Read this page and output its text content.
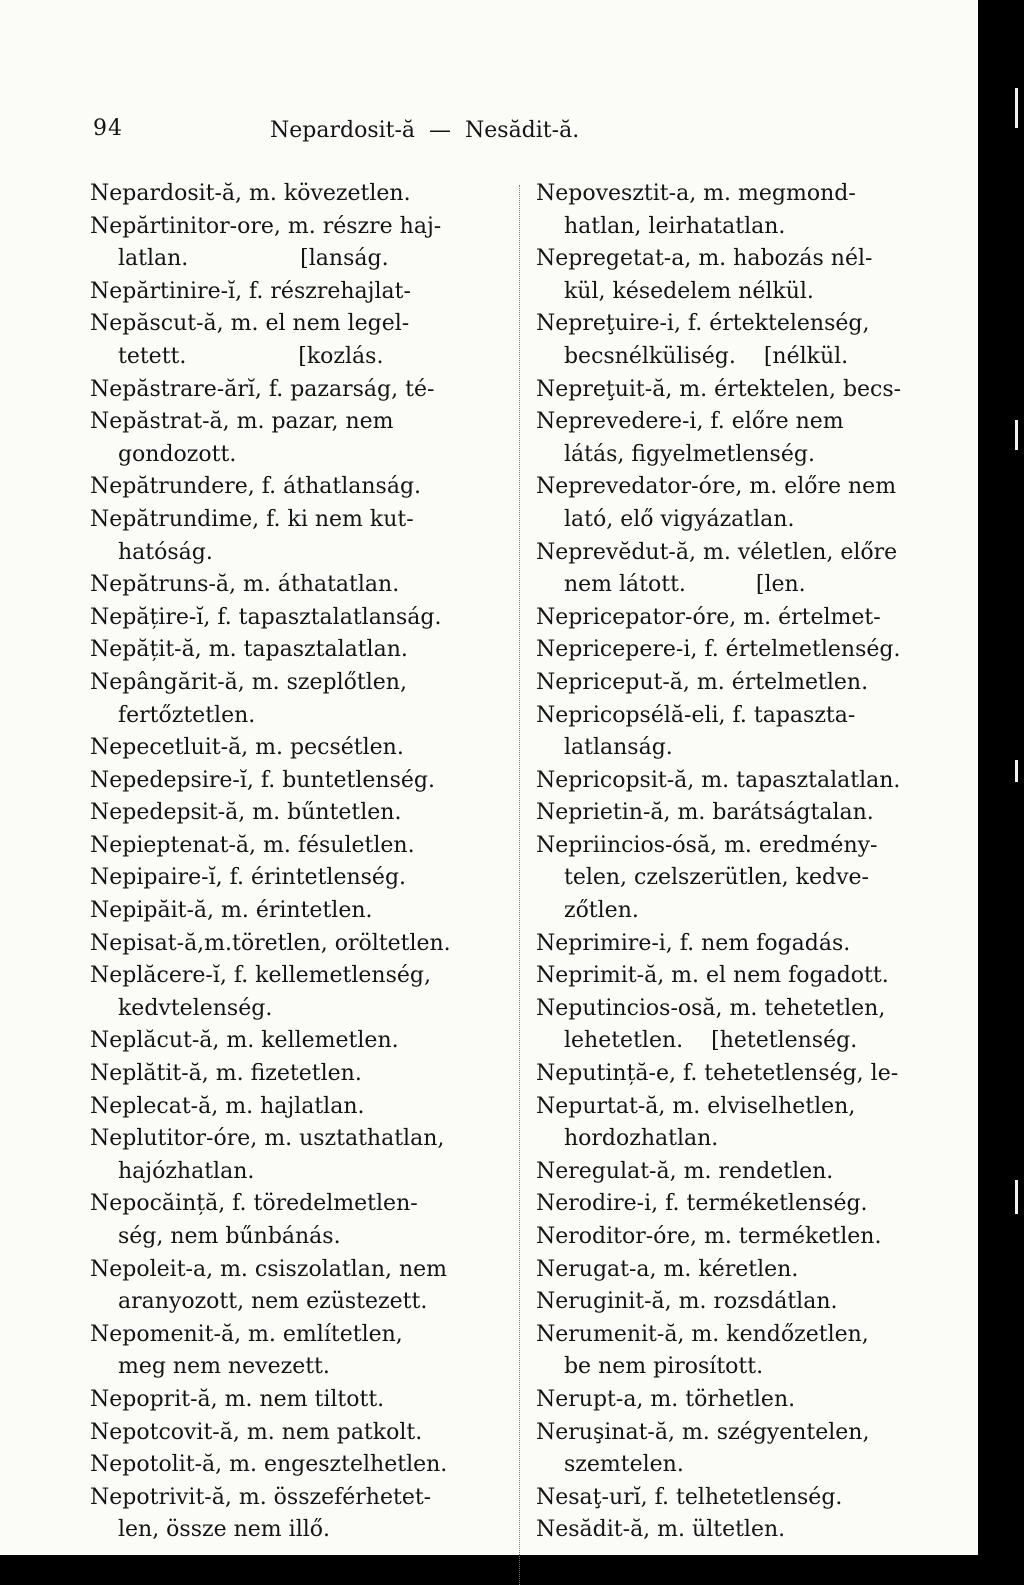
94	Nepardosit-ă  —  Nesădit-ă.
Nepardosit-ă, m. kövezetlen.
Nepărtinitor-ore, m. részre haj-
latlan.                [lanság.
Nepărtinire-ĭ, f. részrehajlat-
Nepăscut-ă, m. el nem legel-
tetett.                [kozlás.
Nepăstrare-ărĭ, f. pazarság, té-
Nepăstrat-ă, m. pazar, nem
gondozott.
Nepătrundere, f. áthatlanság.
Nepătrundime, f. ki nem kut-
hatóság.
Nepătruns-ă, m. áthatatlan.
Nepățire-ĭ, f. tapasztalatlanság.
Nepățit-ă, m. tapasztalatlan.
Nepângărit-ă, m. szeplőtlen,
fertőztetlen.
Nepecetluit-ă, m. pecsétlen.
Nepedepsire-ĭ, f. buntetlenség.
Nepedepsit-ă, m. bűntetlen.
Nepieptenat-ă, m. fésuletlen.
Nepipaire-ĭ, f. érintetlenség.
Nepipăit-ă, m. érintetlen.
Nepisat-ă,m.töretlen, oröltetlen.
Neplăcere-ĭ, f. kellemetlenség,
kedvtelenség.
Neplăcut-ă, m. kellemetlen.
Neplătit-ă, m. fizetetlen.
Neplecat-ă, m. hajlatlan.
Neplutitor-óre, m. usztathatlan,
hajózhatlan.
Nepocăință, f. töredelmetlen-
ség, nem bűnbánás.
Nepoleit-a, m. csiszolatlan, nem
aranyozott, nem ezüstezett.
Nepomenit-ă, m. említetlen,
meg nem nevezett.
Nepoprit-ă, m. nem tiltott.
Nepotcovit-ă, m. nem patkolt.
Nepotolit-ă, m. engesztelhetlen.
Nepotrivit-ă, m. összeférhetet-
len, össze nem illő.
Nepovesztit-a, m. megmond-
hatlan, leirhatatlan.
Nepregetat-a, m. habozás nél-
kül, késedelem nélkül.
Nepreţuire-i, f. értektelenség,
becsnélküliség.    [nélkül.
Nepreţuit-ă, m. értektelen, becs-
Neprevedere-i, f. előre nem
látás, figyelmetlenség.
Neprevedator-óre, m. előre nem
lató, elő vigyázatlan.
Neprevĕdut-ă, m. véletlen, előre
nem látott.          [len.
Nepricepator-óre, m. értelmet-
Nepricepere-i, f. értelmetlenség.
Nepriceput-ă, m. értelmetlen.
Nepricopsélă-eli, f. tapaszta-
latlanság.
Nepricopsit-ă, m. tapasztalatlan.
Neprietin-ă, m. barátságtalan.
Nepriincios-ósă, m. eredmény-
telen, czelszerütlen, kedve-
zőtlen.
Neprimire-i, f. nem fogadás.
Neprimit-ă, m. el nem fogadott.
Neputincios-osă, m. tehetetlen,
lehetetlen.    [hetetlenség.
Neputință-e, f. tehetetlenség, le-
Nepurtat-ă, m. elviselhetlen,
hordozhatlan.
Neregulat-ă, m. rendetlen.
Nerodire-i, f. terméketlenség.
Neroditor-óre, m. terméketlen.
Nerugat-a, m. kéretlen.
Neruginit-ă, m. rozsdátlan.
Nerumenit-ă, m. kendőzetlen,
be nem pirosított.
Nerupt-a, m. törhetlen.
Neruşinat-ă, m. szégyentelen,
szemtelen.
Nesaţ-urĭ, f. telhetetlenség.
Nesădit-ă, m. ültetlen.
